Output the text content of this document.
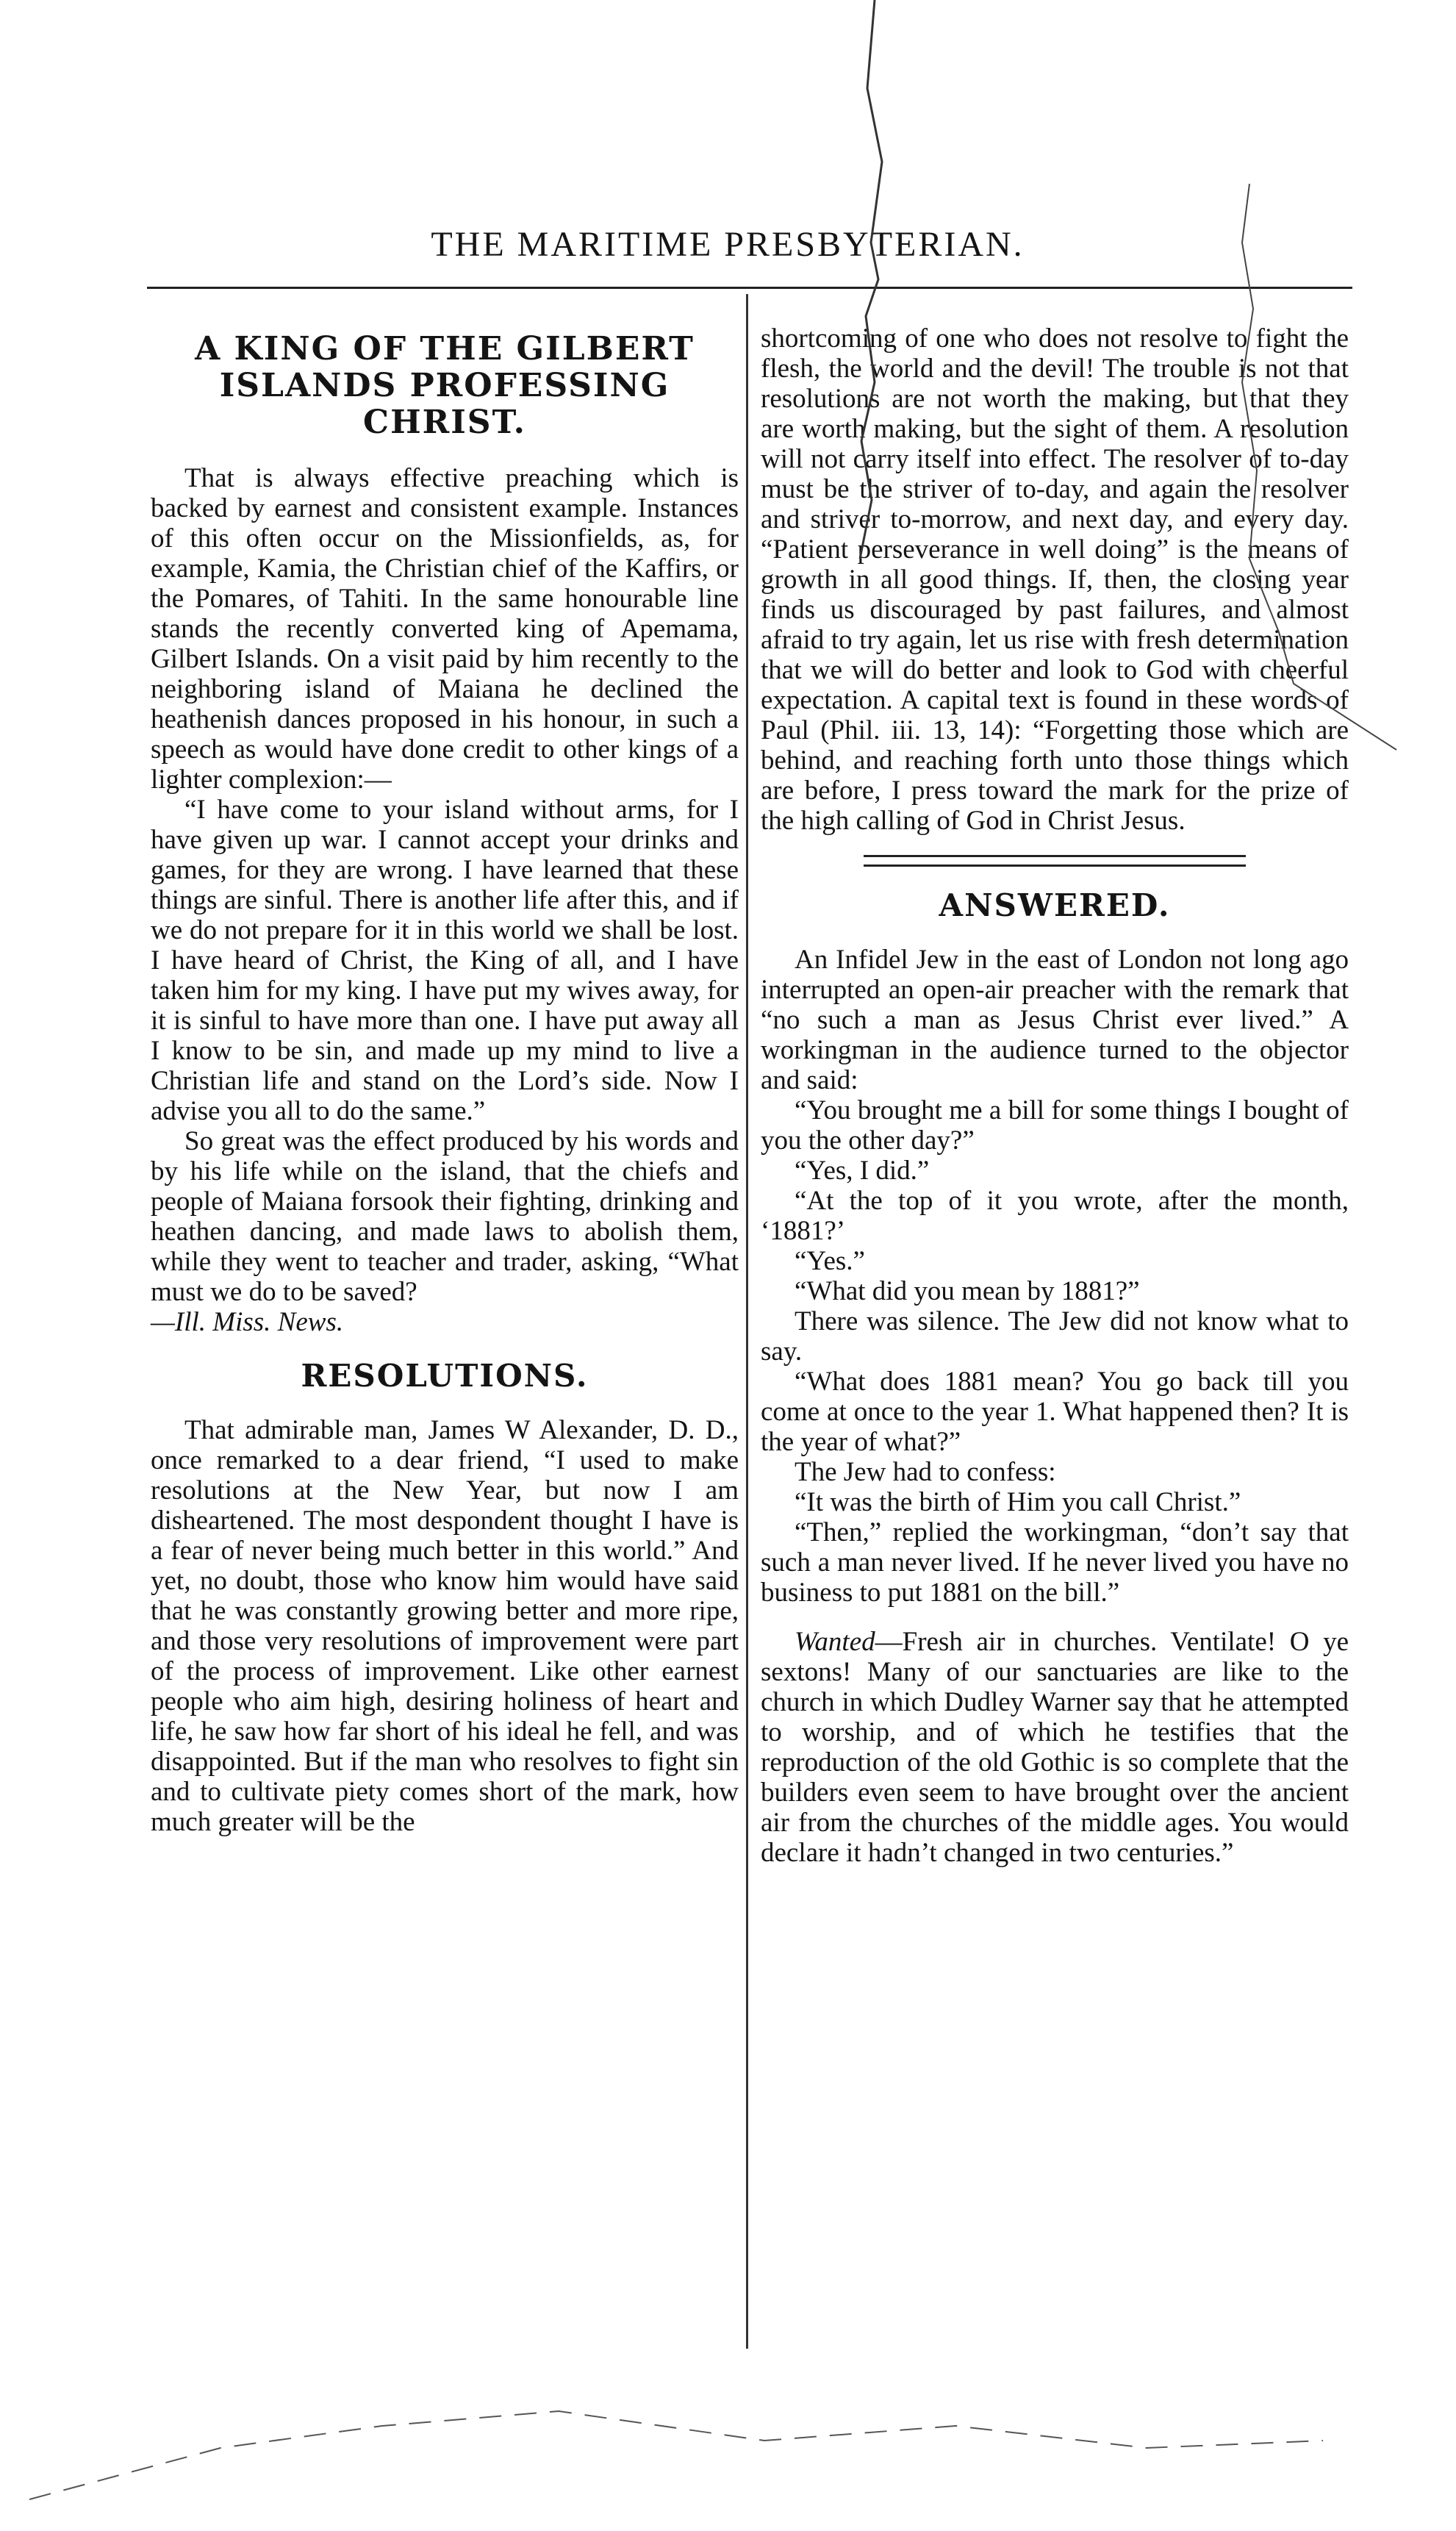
THE MARITIME PRESBYTERIAN.
A KING OF THE GILBERT ISLANDS PROFESSING CHRIST.

That is always effective preaching which is backed by earnest and consistent example. Instances of this often occur on the Missionfields, as, for example, Kamia, the Christian chief of the Kaffirs, or the Pomares, of Tahiti. In the same honourable line stands the recently converted king of Apemama, Gilbert Islands. On a visit paid by him recently to the neighboring island of Maiana he declined the heathenish dances proposed in his honour, in such a speech as would have done credit to other kings of a lighter complexion:—

“I have come to your island without arms, for I have given up war. I cannot accept your drinks and games, for they are wrong. I have learned that these things are sinful. There is another life after this, and if we do not prepare for it in this world we shall be lost. I have heard of Christ, the King of all, and I have taken him for my king. I have put my wives away, for it is sinful to have more than one. I have put away all I know to be sin, and made up my mind to live a Christian life and stand on the Lord’s side. Now I advise you all to do the same.”

So great was the effect produced by his words and by his life while on the island, that the chiefs and people of Maiana forsook their fighting, drinking and heathen dancing, and made laws to abolish them, while they went to teacher and trader, asking, “What must we do to be saved?

—Ill. Miss. News.

RESOLUTIONS.

That admirable man, James W Alexander, D. D., once remarked to a dear friend, “I used to make resolutions at the New Year, but now I am disheartened. The most despondent thought I have is a fear of never being much better in this world.” And yet, no doubt, those who know him would have said that he was constantly growing better and more ripe, and those very resolutions of improvement were part of the process of improvement. Like other earnest people who aim high, desiring holiness of heart and life, he saw how far short of his ideal he fell, and was disappointed. But if the man who resolves to fight sin and to cultivate piety comes short of the mark, how much greater will be the

shortcoming of one who does not resolve to fight the flesh, the world and the devil! The trouble is not that resolutions are not worth the making, but that they are worth making, but the sight of them. A resolution will not carry itself into effect. The resolver of to-day must be the striver of to-day, and again the resolver and striver to-morrow, and next day, and every day. “Patient perseverance in well doing” is the means of growth in all good things. If, then, the closing year finds us discouraged by past failures, and almost afraid to try again, let us rise with fresh determination that we will do better and look to God with cheerful expectation. A capital text is found in these words of Paul (Phil. iii. 13, 14): “Forgetting those which are behind, and reaching forth unto those things which are before, I press toward the mark for the prize of the high calling of God in Christ Jesus.

ANSWERED.

An Infidel Jew in the east of London not long ago interrupted an open-air preacher with the remark that “no such a man as Jesus Christ ever lived.” A workingman in the audience turned to the objector and said:

“You brought me a bill for some things I bought of you the other day?”

“Yes, I did.”

“At the top of it you wrote, after the month, ‘1881?’

“Yes.”

“What did you mean by 1881?”

There was silence. The Jew did not know what to say.

“What does 1881 mean? You go back till you come at once to the year 1. What happened then? It is the year of what?”

The Jew had to confess:

“It was the birth of Him you call Christ.”

“Then,” replied the workingman, “don’t say that such a man never lived. If he never lived you have no business to put 1881 on the bill.”

Wanted—Fresh air in churches. Ventilate! O ye sextons! Many of our sanctuaries are like to the church in which Dudley Warner say that he attempted to worship, and of which he testifies that the reproduction of the old Gothic is so complete that the builders even seem to have brought over the ancient air from the churches of the middle ages. You would declare it hadn’t changed in two centuries.”
